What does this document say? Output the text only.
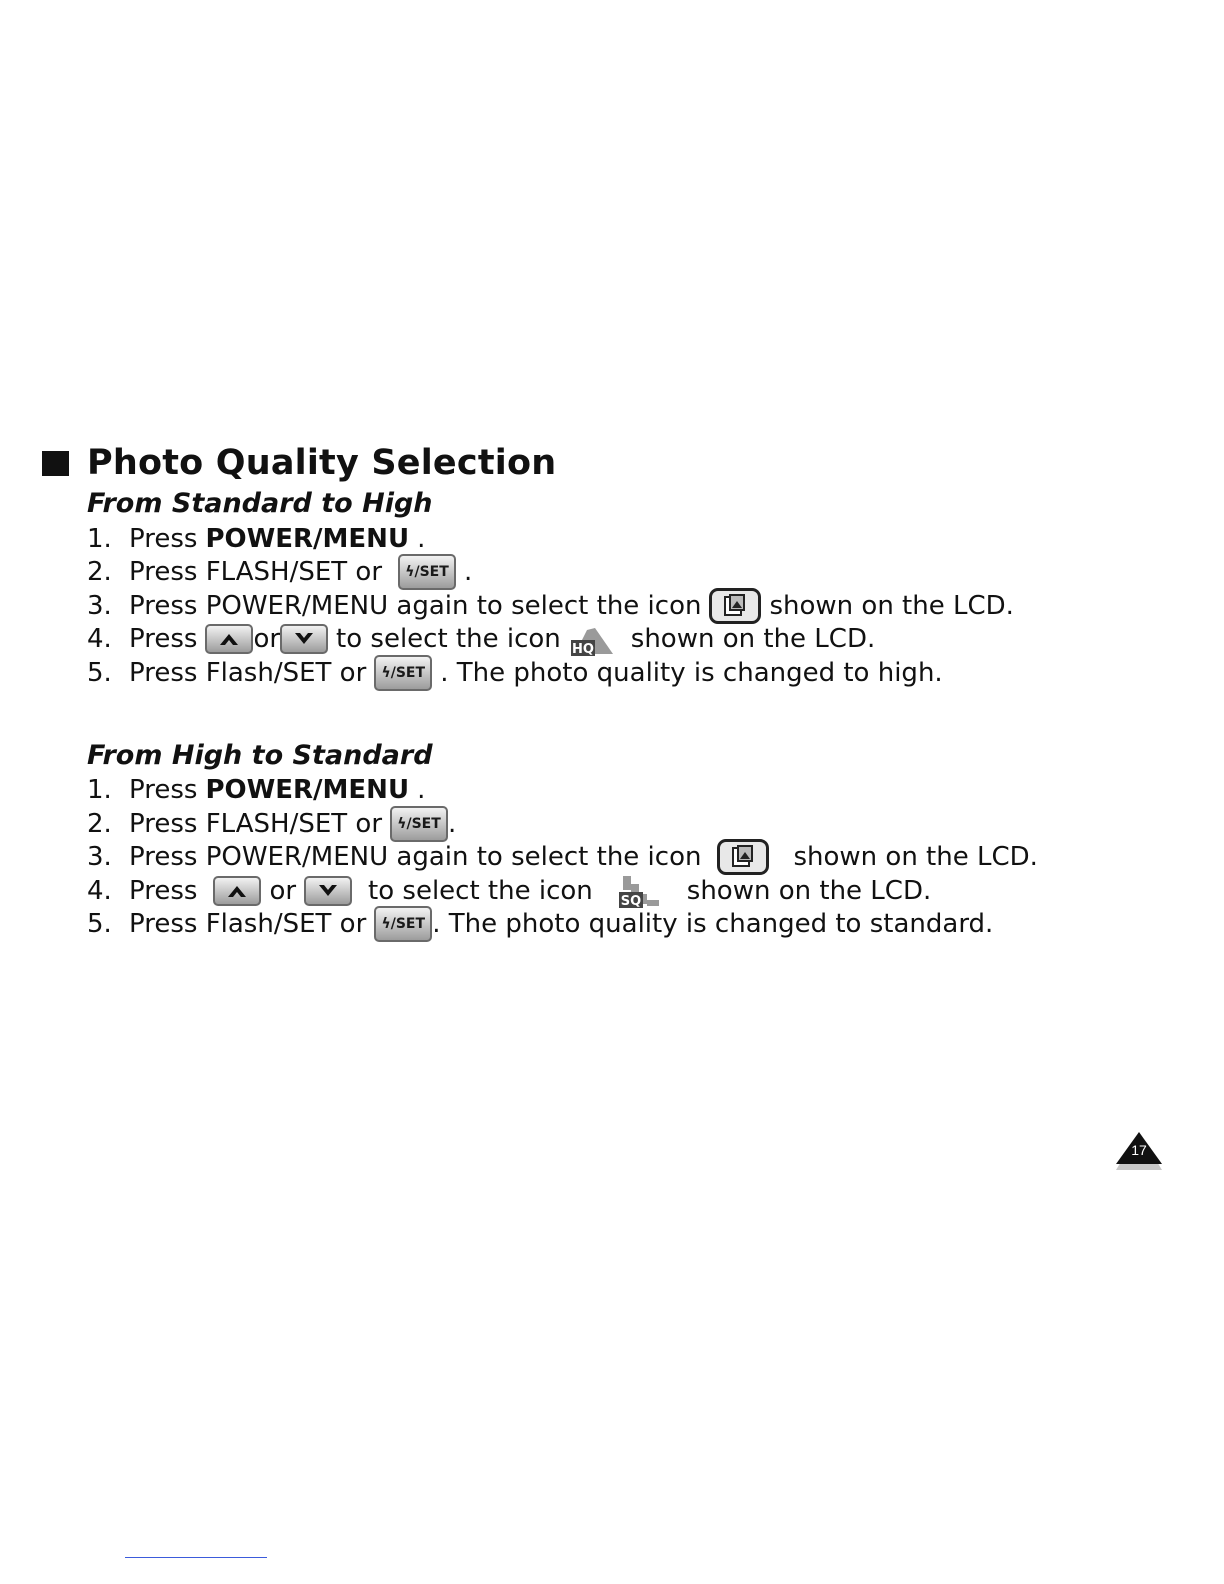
Photo Quality Selection
From Standard to High
1. Press POWER/MENU .
2. Press FLASH/SET or	ϟ/SET .
3. Press POWER/MENU again to select the icon	shown on the LCD.
4. Press or to select the icon HQ shown on the LCD.
5. Press Flash/SET or	ϟ/SET . The photo quality is changed to high.
From High to Standard
1. Press POWER/MENU .
2. Press FLASH/SET or	ϟ/SET .
3. Press POWER/MENU again to select the icon	shown on the LCD.
4. Press	or	to select the icon SQ shown on the LCD.
5. Press Flash/SET or	ϟ/SET . The photo quality is changed to standard.
17
